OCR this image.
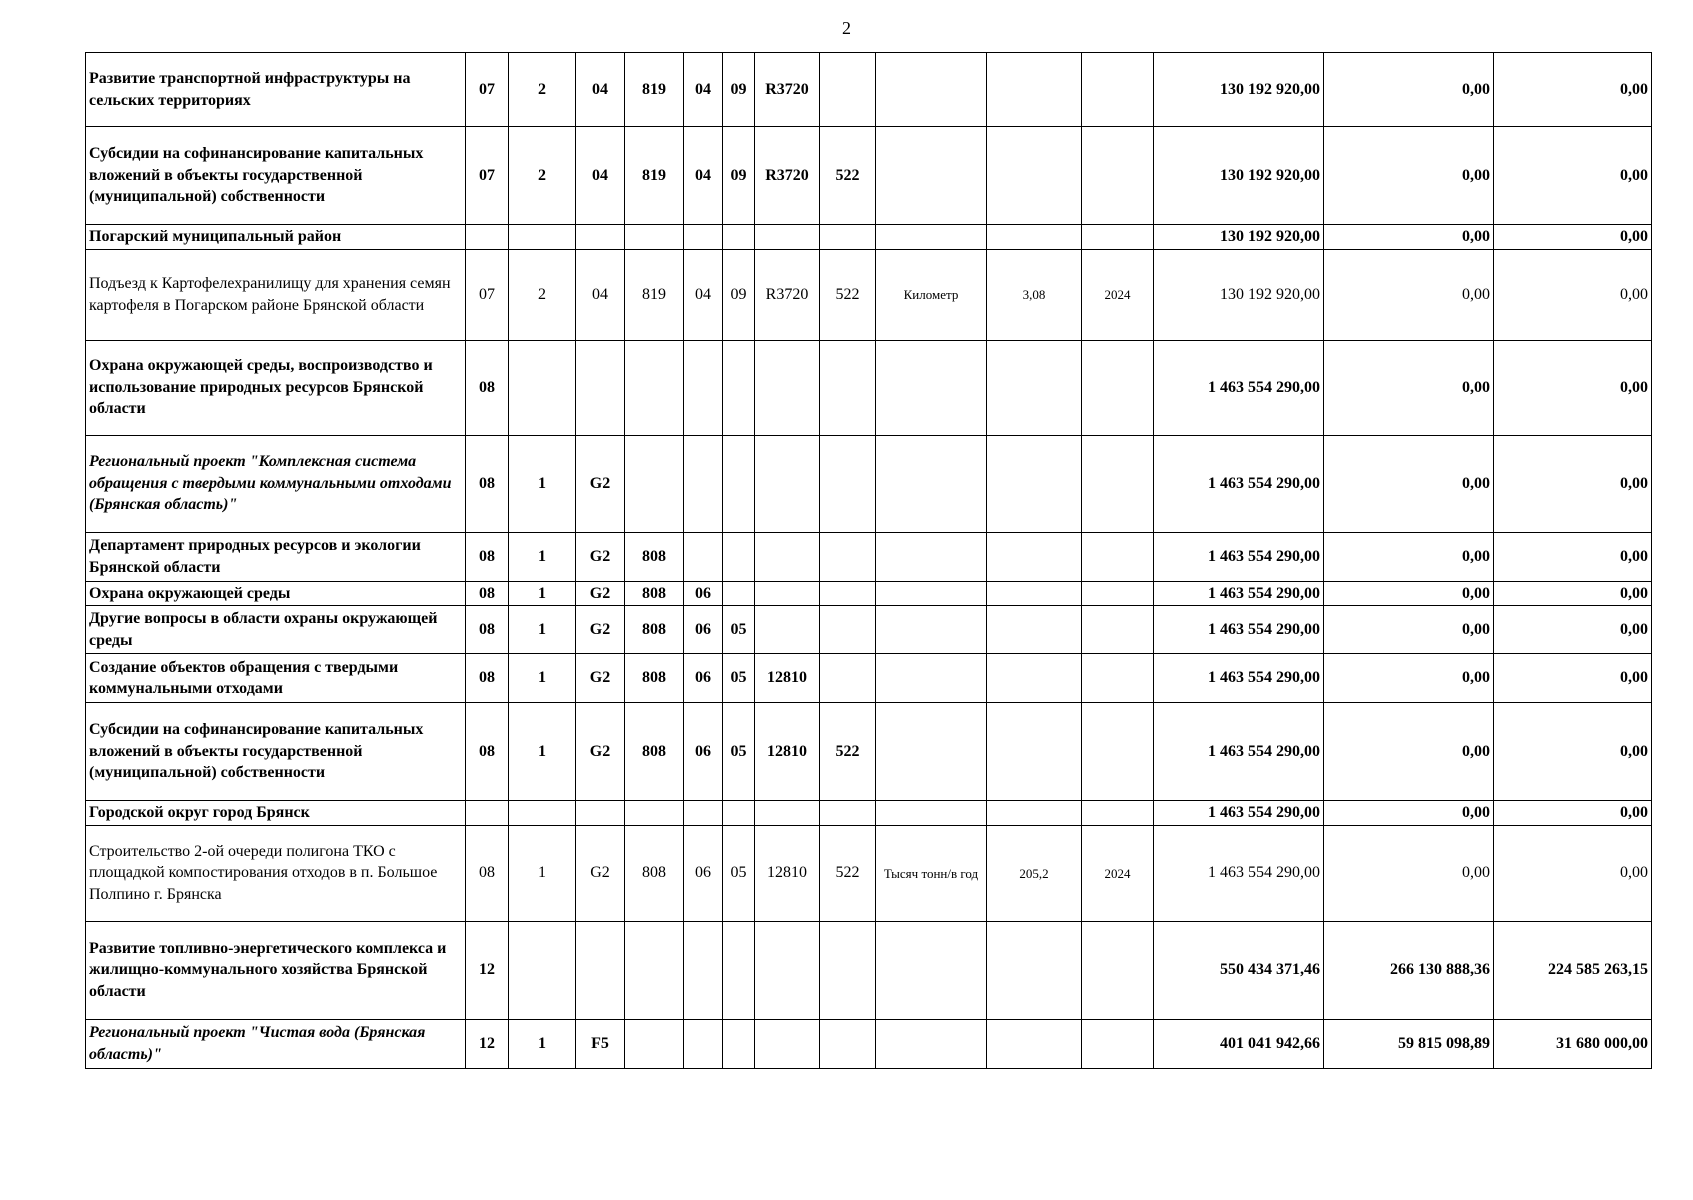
2
Развитие транспортной инфраструктуры на сельских территориях	07	2	04	819	04	09	R3720					130 192 920,00	0,00	0,00
Субсидии на софинансирование капитальных вложений в объекты государственной (муниципальной) собственности	07	2	04	819	04	09	R3720	522				130 192 920,00	0,00	0,00
Погарский муниципальный район												130 192 920,00	0,00	0,00
Подъезд к Картофелехранилищу для хранения семян картофеля в Погарском районе Брянской области	07	2	04	819	04	09	R3720	522	Километр	3,08	2024	130 192 920,00	0,00	0,00
Охрана окружающей среды, воспроизводство и использование природных ресурсов Брянской области	08											1 463 554 290,00	0,00	0,00
Региональный проект "Комплексная система обращения с твердыми коммунальными отходами (Брянская область)"	08	1	G2									1 463 554 290,00	0,00	0,00
Департамент природных ресурсов и экологии Брянской области	08	1	G2	808								1 463 554 290,00	0,00	0,00
Охрана окружающей среды	08	1	G2	808	06							1 463 554 290,00	0,00	0,00
Другие вопросы в области охраны окружающей среды	08	1	G2	808	06	05						1 463 554 290,00	0,00	0,00
Создание объектов обращения с твердыми коммунальными отходами	08	1	G2	808	06	05	12810					1 463 554 290,00	0,00	0,00
Субсидии на софинансирование капитальных вложений в объекты государственной (муниципальной) собственности	08	1	G2	808	06	05	12810	522				1 463 554 290,00	0,00	0,00
Городской округ город Брянск												1 463 554 290,00	0,00	0,00
Строительство 2-ой очереди полигона ТКО с площадкой компостирования отходов в п. Большое Полпино г. Брянска	08	1	G2	808	06	05	12810	522	Тысяч тонн/в год	205,2	2024	1 463 554 290,00	0,00	0,00
Развитие топливно-энергетического комплекса и жилищно-коммунального хозяйства Брянской области	12											550 434 371,46	266 130 888,36	224 585 263,15
Региональный проект "Чистая вода (Брянская область)"	12	1	F5									401 041 942,66	59 815 098,89	31 680 000,00
